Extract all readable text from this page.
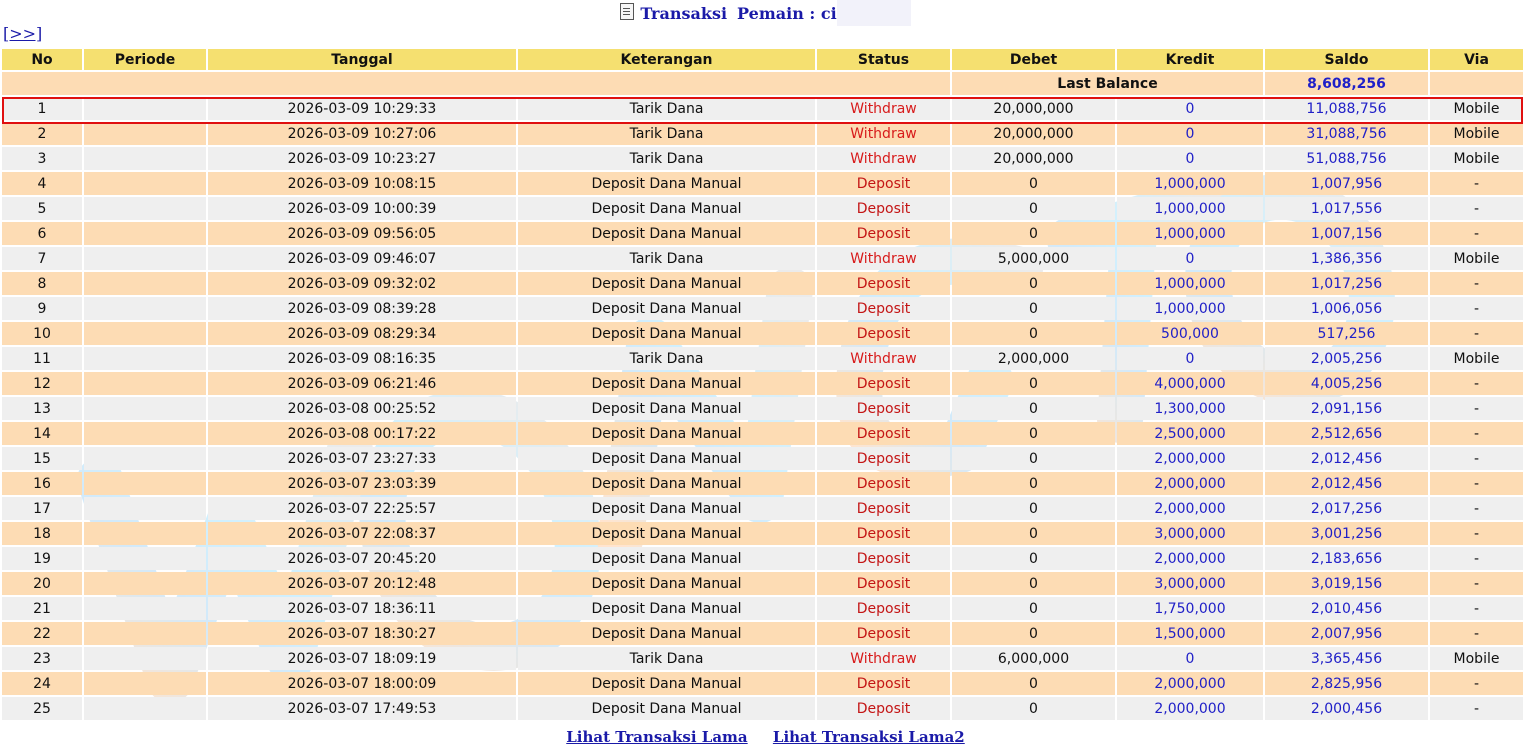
Transaksi Pemain : ci
[>>]
No	Periode	Tanggal	Keterangan	Status	Debet	Kredit	Saldo	Via
					Last Balance		8,608,256	
1		2026-03-09 10:29:33	Tarik Dana	Withdraw	20,000,000	0	11,088,756	Mobile
2		2026-03-09 10:27:06	Tarik Dana	Withdraw	20,000,000	0	31,088,756	Mobile
3		2026-03-09 10:23:27	Tarik Dana	Withdraw	20,000,000	0	51,088,756	Mobile
4		2026-03-09 10:08:15	Deposit Dana Manual	Deposit	0	1,000,000	1,007,956	-
5		2026-03-09 10:00:39	Deposit Dana Manual	Deposit	0	1,000,000	1,017,556	-
6		2026-03-09 09:56:05	Deposit Dana Manual	Deposit	0	1,000,000	1,007,156	-
7		2026-03-09 09:46:07	Tarik Dana	Withdraw	5,000,000	0	1,386,356	Mobile
8		2026-03-09 09:32:02	Deposit Dana Manual	Deposit	0	1,000,000	1,017,256	-
9		2026-03-09 08:39:28	Deposit Dana Manual	Deposit	0	1,000,000	1,006,056	-
10		2026-03-09 08:29:34	Deposit Dana Manual	Deposit	0	500,000	517,256	-
11		2026-03-09 08:16:35	Tarik Dana	Withdraw	2,000,000	0	2,005,256	Mobile
12		2026-03-09 06:21:46	Deposit Dana Manual	Deposit	0	4,000,000	4,005,256	-
13		2026-03-08 00:25:52	Deposit Dana Manual	Deposit	0	1,300,000	2,091,156	-
14		2026-03-08 00:17:22	Deposit Dana Manual	Deposit	0	2,500,000	2,512,656	-
15		2026-03-07 23:27:33	Deposit Dana Manual	Deposit	0	2,000,000	2,012,456	-
16		2026-03-07 23:03:39	Deposit Dana Manual	Deposit	0	2,000,000	2,012,456	-
17		2026-03-07 22:25:57	Deposit Dana Manual	Deposit	0	2,000,000	2,017,256	-
18		2026-03-07 22:08:37	Deposit Dana Manual	Deposit	0	3,000,000	3,001,256	-
19		2026-03-07 20:45:20	Deposit Dana Manual	Deposit	0	2,000,000	2,183,656	-
20		2026-03-07 20:12:48	Deposit Dana Manual	Deposit	0	3,000,000	3,019,156	-
21		2026-03-07 18:36:11	Deposit Dana Manual	Deposit	0	1,750,000	2,010,456	-
22		2026-03-07 18:30:27	Deposit Dana Manual	Deposit	0	1,500,000	2,007,956	-
23		2026-03-07 18:09:19	Tarik Dana	Withdraw	6,000,000	0	3,365,456	Mobile
24		2026-03-07 18:00:09	Deposit Dana Manual	Deposit	0	2,000,000	2,825,956	-
25		2026-03-07 17:49:53	Deposit Dana Manual	Deposit	0	2,000,000	2,000,456	-
Lihat Transaksi Lama Lihat Transaksi Lama2
